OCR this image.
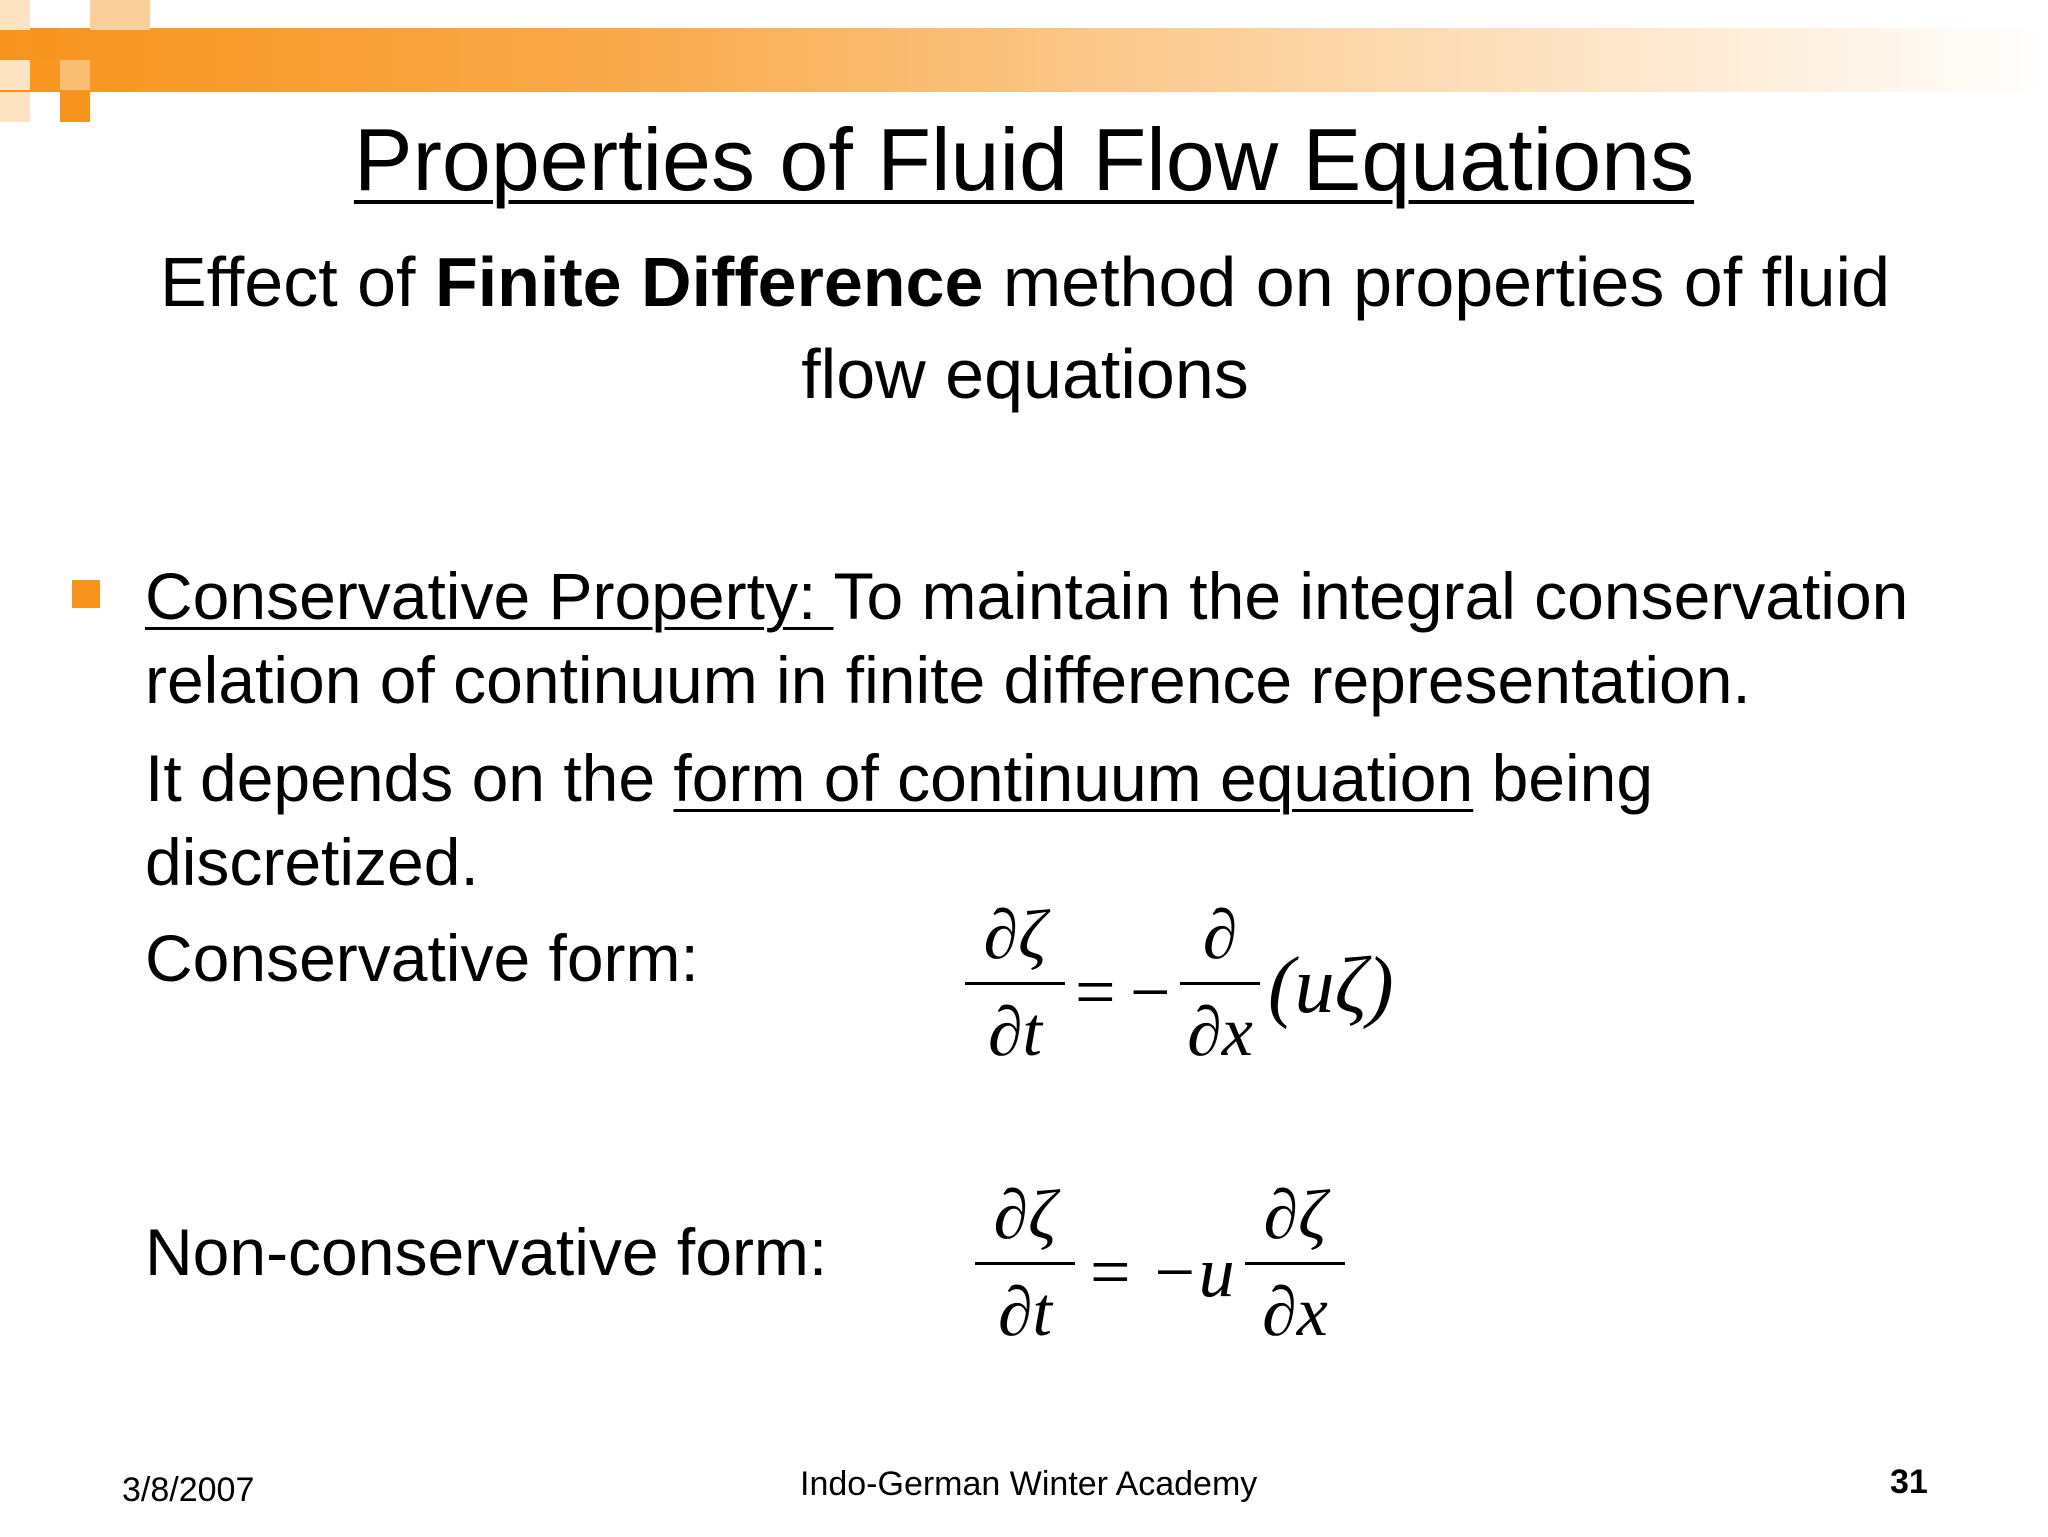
Properties of Fluid Flow Equations
Effect of Finite Difference method on properties of fluid flow equations
Conservative Property: To maintain the integral conservation
relation of continuum in finite difference representation.
It depends on the form of continuum equation being
discretized.
Conservative form:	∂ζ
∂t
= −
∂
∂x
(uζ)
Non-conservative form: ∂ζ
∂t
= −u
∂ζ
∂x
3/8/2007	Indo-German Winter Academy	31
